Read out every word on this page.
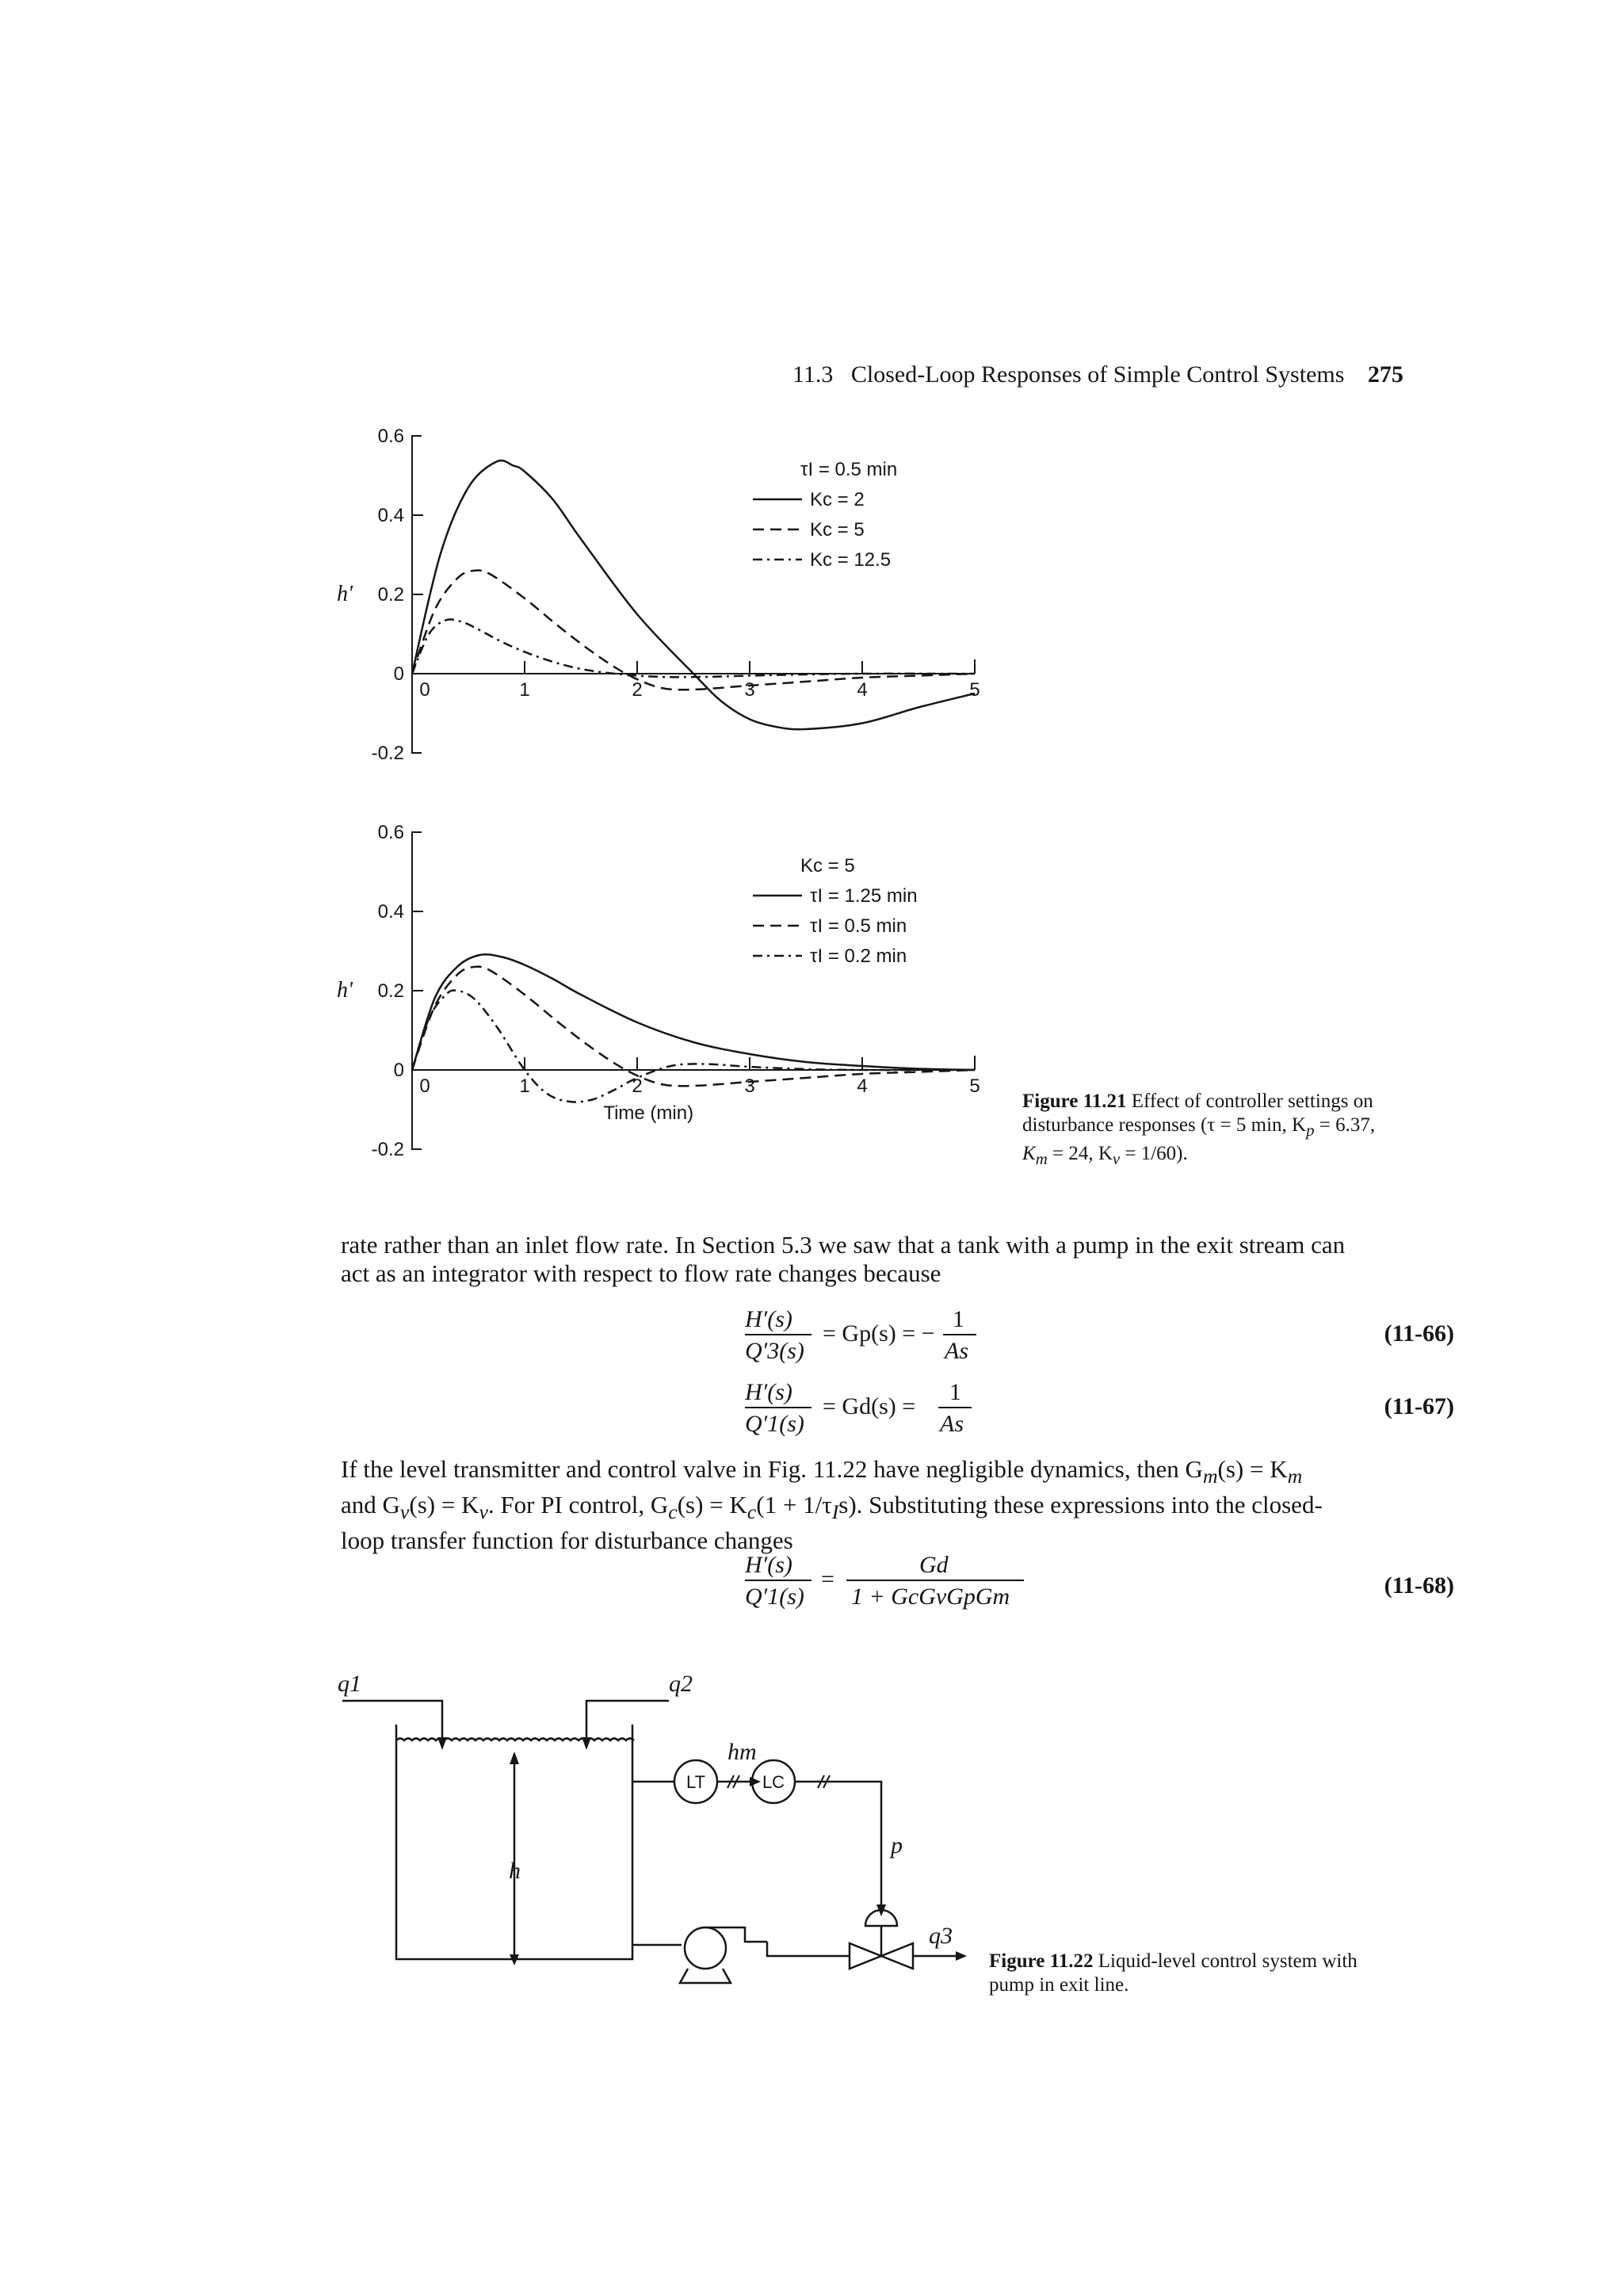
11.3 Closed-Loop Responses of Simple Control Systems 275
-0.2
0
0.2
0.4
0.6
0	1	2	3	4	5
h'
τI = 0.5 min
Kc = 2
Kc = 5
Kc = 12.5
-0.2
0
0.2
0.4
0.6
0	1	2	3	4	5
h'
Time (min)
Kc = 5
τI = 1.25 min
τI = 0.5 min
τI = 0.2 min
Figure 11.21 Effect of controller settings on
disturbance responses (τ = 5 min, $K_p = 6.37$,
$K_m = 24$, $K_v = 1/60$).
rate rather than an inlet flow rate. In Section 5.3 we saw that a tank with a pump in the exit stream can
act as an integrator with respect to flow rate changes because
H′(s)
Q′3(s)
= Gp(s) = −
1
As
(11-66)
H′(s)
Q′1(s)
= Gd(s) =
1
As
(11-67)
If the level transmitter and control valve in Fig. 11.22 have negligible dynamics, then $G_m(s) = K_m$
and $G_v(s) = K_v$. For PI control, $G_c(s) = K_c(1 + 1/\tau_Is)$. Substituting these expressions into the closed-
loop transfer function for disturbance changes
H′(s)
Q′1(s)
=
Gd
1 + GcGvGpGm	(11-68)
q1	q2
h
hm
p
q3
LT	LC
Figure 11.22 Liquid-level control system with
pump in exit line.
